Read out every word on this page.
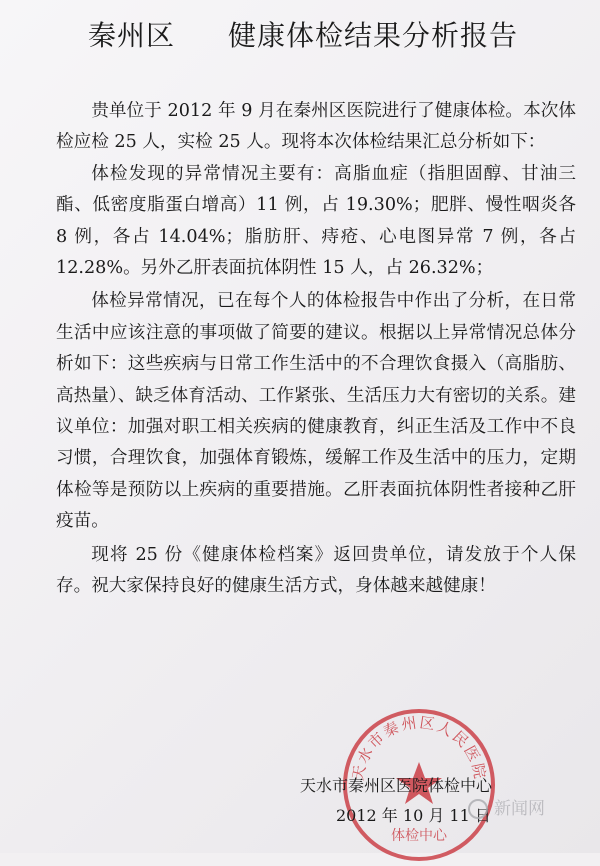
秦州区 健康体检结果分析报告

贵单位于 2012 年 9 月在秦州区医院进行了健康体检。本次体检应检 25 人，实检 25 人。现将本次体检结果汇总分析如下：

体检发现的异常情况主要有：高脂血症（指胆固醇、甘油三酯、低密度脂蛋白增高）11 例，占 19.30%；肥胖、慢性咽炎各 8 例，各占 14.04%；脂肪肝、痔疮、心电图异常 7 例，各占 12.28%。另外乙肝表面抗体阴性 15 人，占 26.32%；

体检异常情况，已在每个人的体检报告中作出了分析，在日常生活中应该注意的事项做了简要的建议。根据以上异常情况总体分析如下：这些疾病与日常工作生活中的不合理饮食摄入（高脂肪、高热量）、缺乏体育活动、工作紧张、生活压力大有密切的关系。建议单位：加强对职工相关疾病的健康教育，纠正生活及工作中不良习惯，合理饮食，加强体育锻炼，缓解工作及生活中的压力，定期体检等是预防以上疾病的重要措施。乙肝表面抗体阴性者接种乙肝疫苗。

现将 25 份《健康体检档案》返回贵单位，请发放于个人保存。祝大家保持良好的健康生活方式，身体越来越健康！

天水市秦州区人民医院
体检中心
天水市秦州区医院体检中心
2012 年 10 月 11 日 新闻网
